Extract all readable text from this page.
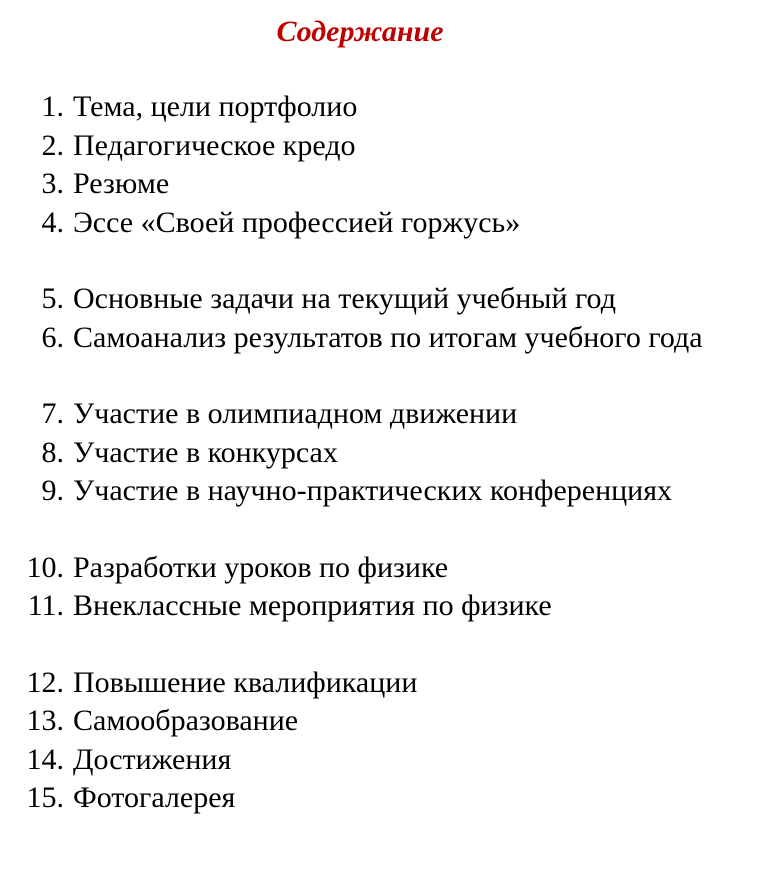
Содержание
1. Тема, цели портфолио
2. Педагогическое кредо
3. Резюме
4. Эссе «Своей профессией горжусь»
5. Основные задачи на текущий учебный год
6. Самоанализ результатов по итогам учебного года
7. Участие в олимпиадном движении
8. Участие в конкурсах
9. Участие в научно-практических конференциях
10. Разработки уроков по физике
11. Внеклассные мероприятия по физике
12. Повышение квалификации
13. Самообразование
14. Достижения
15. Фотогалерея
